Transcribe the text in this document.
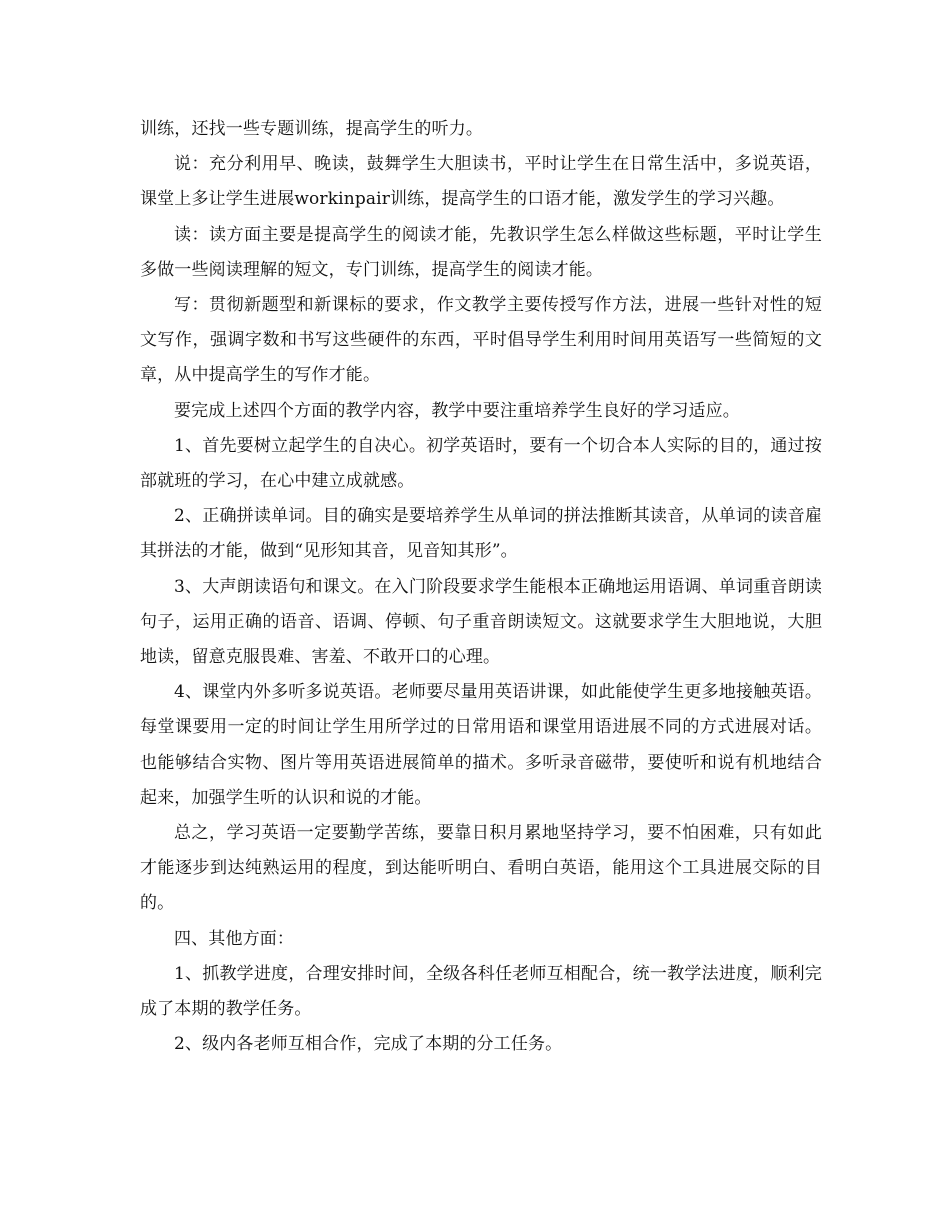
训练，还找一些专题训练，提高学生的听力。

说：充分利用早、晚读，鼓舞学生大胆读书，平时让学生在日常生活中，多说英语，课堂上多让学生进展workinpair训练，提高学生的口语才能，激发学生的学习兴趣。

读：读方面主要是提高学生的阅读才能，先教识学生怎么样做这些标题，平时让学生多做一些阅读理解的短文，专门训练，提高学生的阅读才能。

写：贯彻新题型和新课标的要求，作文教学主要传授写作方法，进展一些针对性的短文写作，强调字数和书写这些硬件的东西，平时倡导学生利用时间用英语写一些简短的文章，从中提高学生的写作才能。

要完成上述四个方面的教学内容，教学中要注重培养学生良好的学习适应。

1、首先要树立起学生的自决心。初学英语时，要有一个切合本人实际的目的，通过按部就班的学习，在心中建立成就感。

2、正确拼读单词。目的确实是要培养学生从单词的拼法推断其读音，从单词的读音雇其拼法的才能，做到“见形知其音，见音知其形”。

3、大声朗读语句和课文。在入门阶段要求学生能根本正确地运用语调、单词重音朗读句子，运用正确的语音、语调、停顿、句子重音朗读短文。这就要求学生大胆地说，大胆地读，留意克服畏难、害羞、不敢开口的心理。

4、课堂内外多听多说英语。老师要尽量用英语讲课，如此能使学生更多地接触英语。每堂课要用一定的时间让学生用所学过的日常用语和课堂用语进展不同的方式进展对话。也能够结合实物、图片等用英语进展简单的描术。多听录音磁带，要使听和说有机地结合起来，加强学生听的认识和说的才能。

总之，学习英语一定要勤学苦练，要靠日积月累地坚持学习，要不怕困难，只有如此才能逐步到达纯熟运用的程度，到达能听明白、看明白英语，能用这个工具进展交际的目的。

四、其他方面：

1、抓教学进度，合理安排时间，全级各科任老师互相配合，统一教学法进度，顺利完成了本期的教学任务。

2、级内各老师互相合作，完成了本期的分工任务。
